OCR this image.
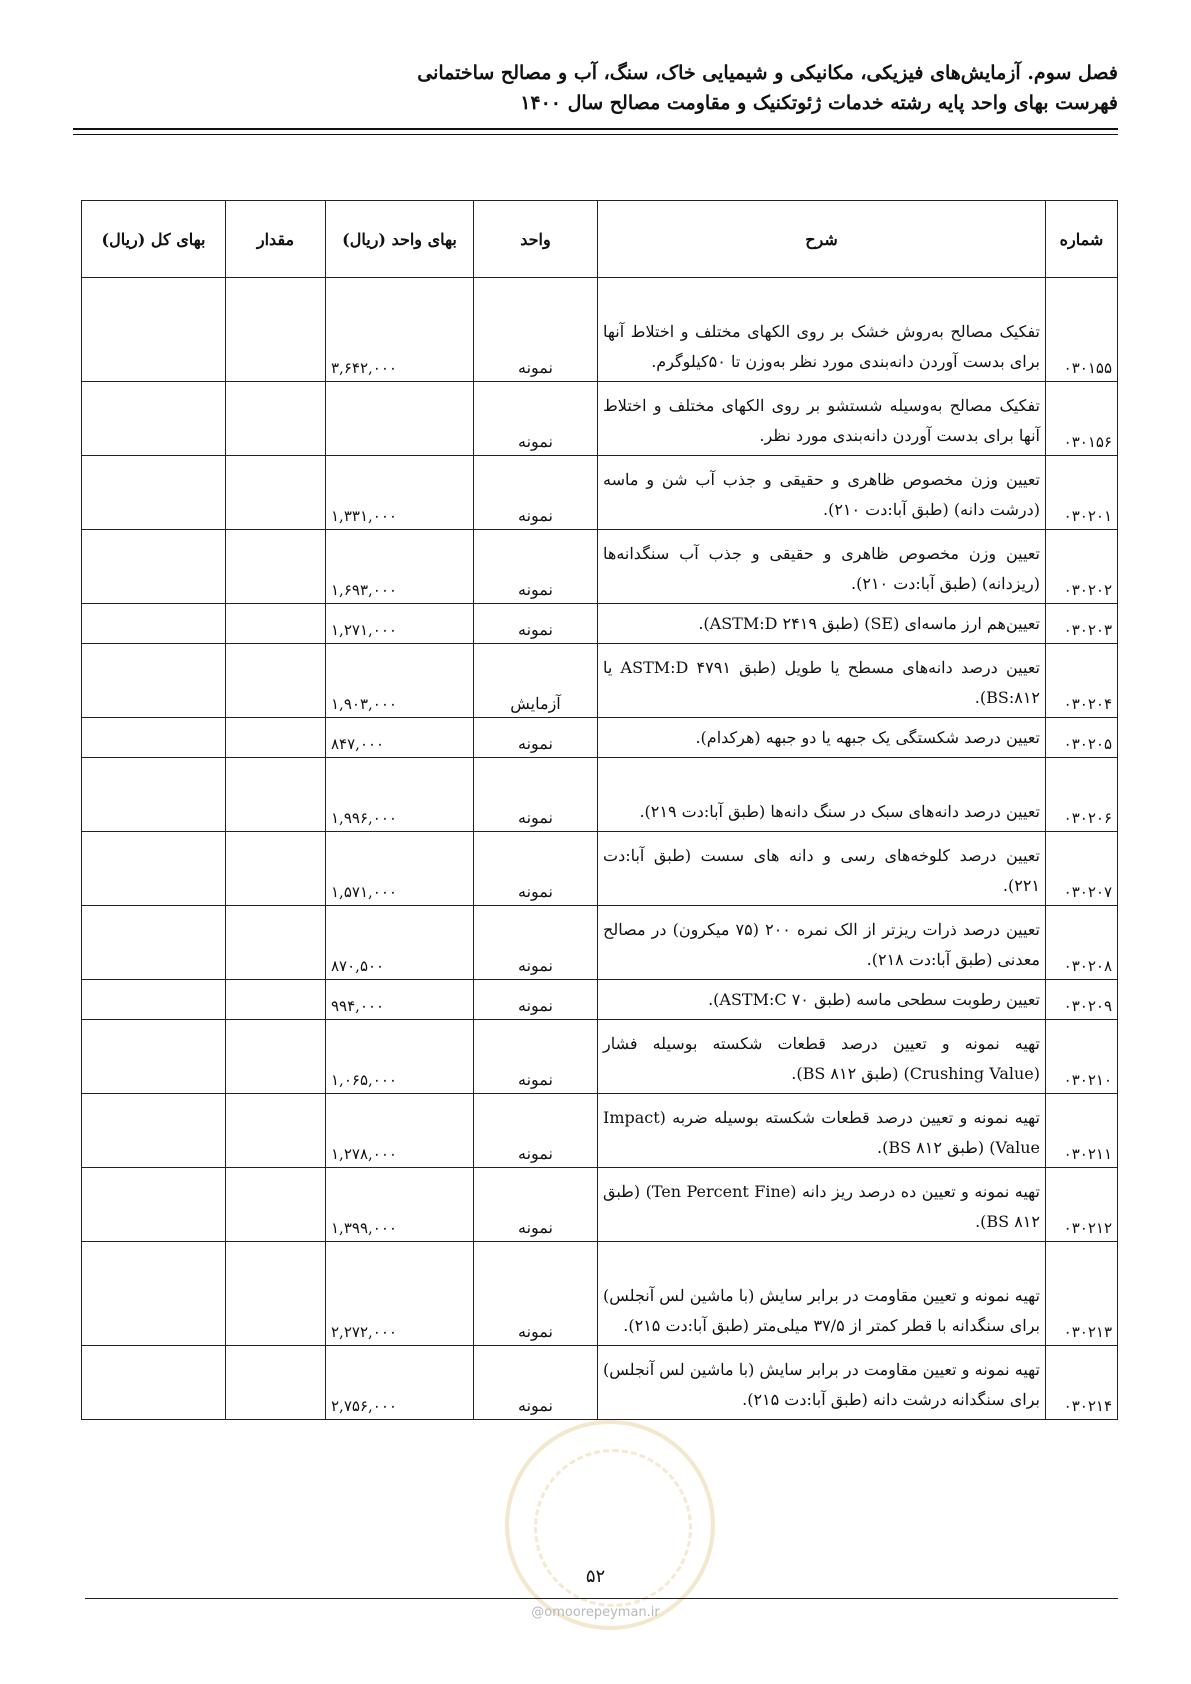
فصل سوم. آزمایش‌های فیزیکی، مکانیکی و شیمیایی خاک، سنگ، آب و مصالح ساختمانی
فهرست بهای واحد پایه رشته خدمات ژئوتکنیک و مقاومت مصالح سال ۱۴۰۰
شماره	شرح	واحد	بهای واحد (ریال)	مقدار	بهای کل (ریال)
۰۳۰۱۵۵	تفکیک مصالح به‌روش خشک بر روی الکهای مختلف و اختلاط آنها برای بدست آوردن دانه‌بندی مورد نظر به‌وزن تا ۵۰کیلوگرم.	نمونه	۳,۶۴۲,۰۰۰		
۰۳۰۱۵۶	تفکیک مصالح به‌وسیله شستشو بر روی الکهای مختلف و اختلاط آنها برای بدست آوردن دانه‌بندی مورد نظر.	نمونه			
۰۳۰۲۰۱	تعیین وزن مخصوص ظاهری و حقیقی و جذب آب شن و ماسه (درشت دانه) (طبق آبا:دت ۲۱۰).	نمونه	۱,۳۳۱,۰۰۰		
۰۳۰۲۰۲	تعیین وزن مخصوص ظاهری و حقیقی و جذب آب سنگدانه‌ها (ریزدانه) (طبق آبا:دت ۲۱۰).	نمونه	۱,۶۹۳,۰۰۰		
۰۳۰۲۰۳	تعیین‌هم ارز ماسه‌ای (SE) (طبق ASTM:D ۲۴۱۹).	نمونه	۱,۲۷۱,۰۰۰		
۰۳۰۲۰۴	تعیین درصد دانه‌های مسطح یا طویل (طبق ASTM:D ۴۷۹۱ یا BS:۸۱۲).	آزمایش	۱,۹۰۳,۰۰۰		
۰۳۰۲۰۵	تعیین درصد شکستگی یک جبهه یا دو جبهه (هرکدام).	نمونه	۸۴۷,۰۰۰		
۰۳۰۲۰۶	تعیین درصد دانه‌های سبک در سنگ دانه‌ها (طبق آبا:دت ۲۱۹).	نمونه	۱,۹۹۶,۰۰۰		
۰۳۰۲۰۷	تعیین درصد کلوخه‌های رسی و دانه های سست (طبق آبا:دت ۲۲۱).	نمونه	۱,۵۷۱,۰۰۰		
۰۳۰۲۰۸	تعیین درصد ذرات ریزتر از الک نمره ۲۰۰ (۷۵ میکرون) در مصالح معدنی (طبق آبا:دت ۲۱۸).	نمونه	۸۷۰,۵۰۰		
۰۳۰۲۰۹	تعیین رطوبت سطحی ماسه (طبق ASTM:C ۷۰).	نمونه	۹۹۴,۰۰۰		
۰۳۰۲۱۰	تهیه نمونه و تعیین درصد قطعات شکسته بوسیله فشار (Crushing Value) (طبق BS ۸۱۲).	نمونه	۱,۰۶۵,۰۰۰		
۰۳۰۲۱۱	تهیه نمونه و تعیین درصد قطعات شکسته بوسیله ضربه (Impact Value) (طبق BS ۸۱۲).	نمونه	۱,۲۷۸,۰۰۰		
۰۳۰۲۱۲	تهیه نمونه و تعیین ده درصد ریز دانه (Ten Percent Fine) (طبق BS ۸۱۲).	نمونه	۱,۳۹۹,۰۰۰		
۰۳۰۲۱۳	تهیه نمونه و تعیین مقاومت در برابر سایش (با ماشین لس آنجلس) برای سنگدانه با قطر کمتر از ۳۷/۵ میلی‌متر (طبق آبا:دت ۲۱۵).	نمونه	۲,۲۷۲,۰۰۰		
۰۳۰۲۱۴	تهیه نمونه و تعیین مقاومت در برابر سایش (با ماشین لس آنجلس) برای سنگدانه درشت دانه (طبق آبا:دت ۲۱۵).	نمونه	۲,۷۵۶,۰۰۰		
۵۲
@omoorepeyman.ir
